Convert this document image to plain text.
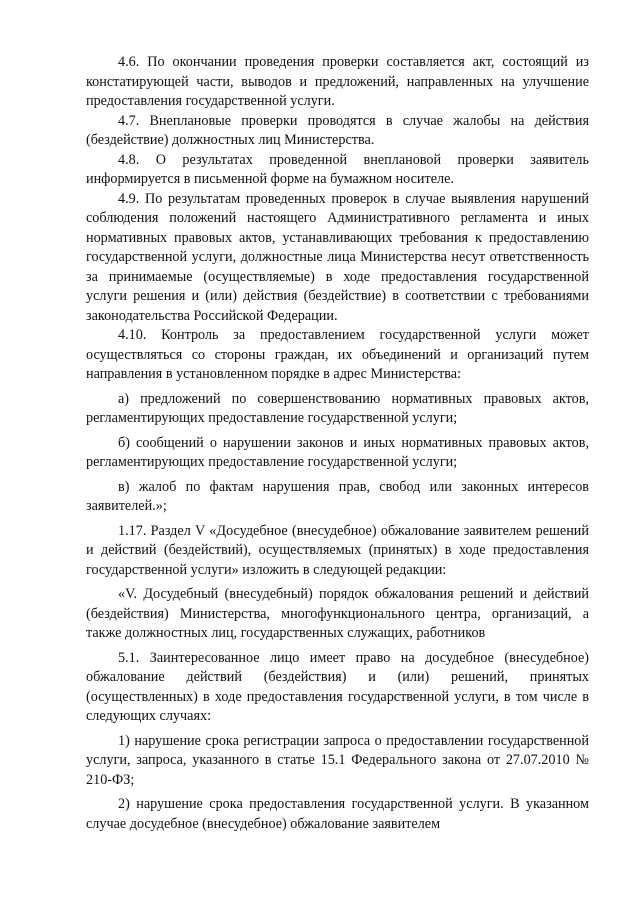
4.6. По окончании проведения проверки составляется акт, состоящий из констатирующей части, выводов и предложений, направленных на улучшение предоставления государственной услуги.

4.7. Внеплановые проверки проводятся в случае жалобы на действия (бездействие) должностных лиц Министерства.

4.8. О результатах проведенной внеплановой проверки заявитель информируется в письменной форме на бумажном носителе.

4.9. По результатам проведенных проверок в случае выявления нарушений соблюдения положений настоящего Административного регламента и иных нормативных правовых актов, устанавливающих требования к предоставлению государственной услуги, должностные лица Министерства несут ответственность за принимаемые (осуществляемые) в ходе предоставления государственной услуги решения и (или) действия (бездействие) в соответствии с требованиями законодательства Российской Федерации.

4.10. Контроль за предоставлением государственной услуги может осуществляться со стороны граждан, их объединений и организаций путем направления в установленном порядке в адрес Министерства:

а) предложений по совершенствованию нормативных правовых актов, регламентирующих предоставление государственной услуги;

б) сообщений о нарушении законов и иных нормативных правовых актов, регламентирующих предоставление государственной услуги;

в) жалоб по фактам нарушения прав, свобод или законных интересов заявителей.»;

1.17. Раздел V «Досудебное (внесудебное) обжалование заявителем решений и действий (бездействий), осуществляемых (принятых) в ходе предоставления государственной услуги» изложить в следующей редакции:

«V. Досудебный (внесудебный) порядок обжалования решений и действий (бездействия) Министерства, многофункционального центра, организаций, а также должностных лиц, государственных служащих, работников

5.1. Заинтересованное лицо имеет право на досудебное (внесудебное) обжалование действий (бездействия) и (или) решений, принятых (осуществленных) в ходе предоставления государственной услуги, в том числе в следующих случаях:

1) нарушение срока регистрации запроса о предоставлении государственной услуги, запроса, указанного в статье 15.1 Федерального закона от 27.07.2010 № 210-ФЗ;

2) нарушение срока предоставления государственной услуги. В указанном случае досудебное (внесудебное) обжалование заявителем
